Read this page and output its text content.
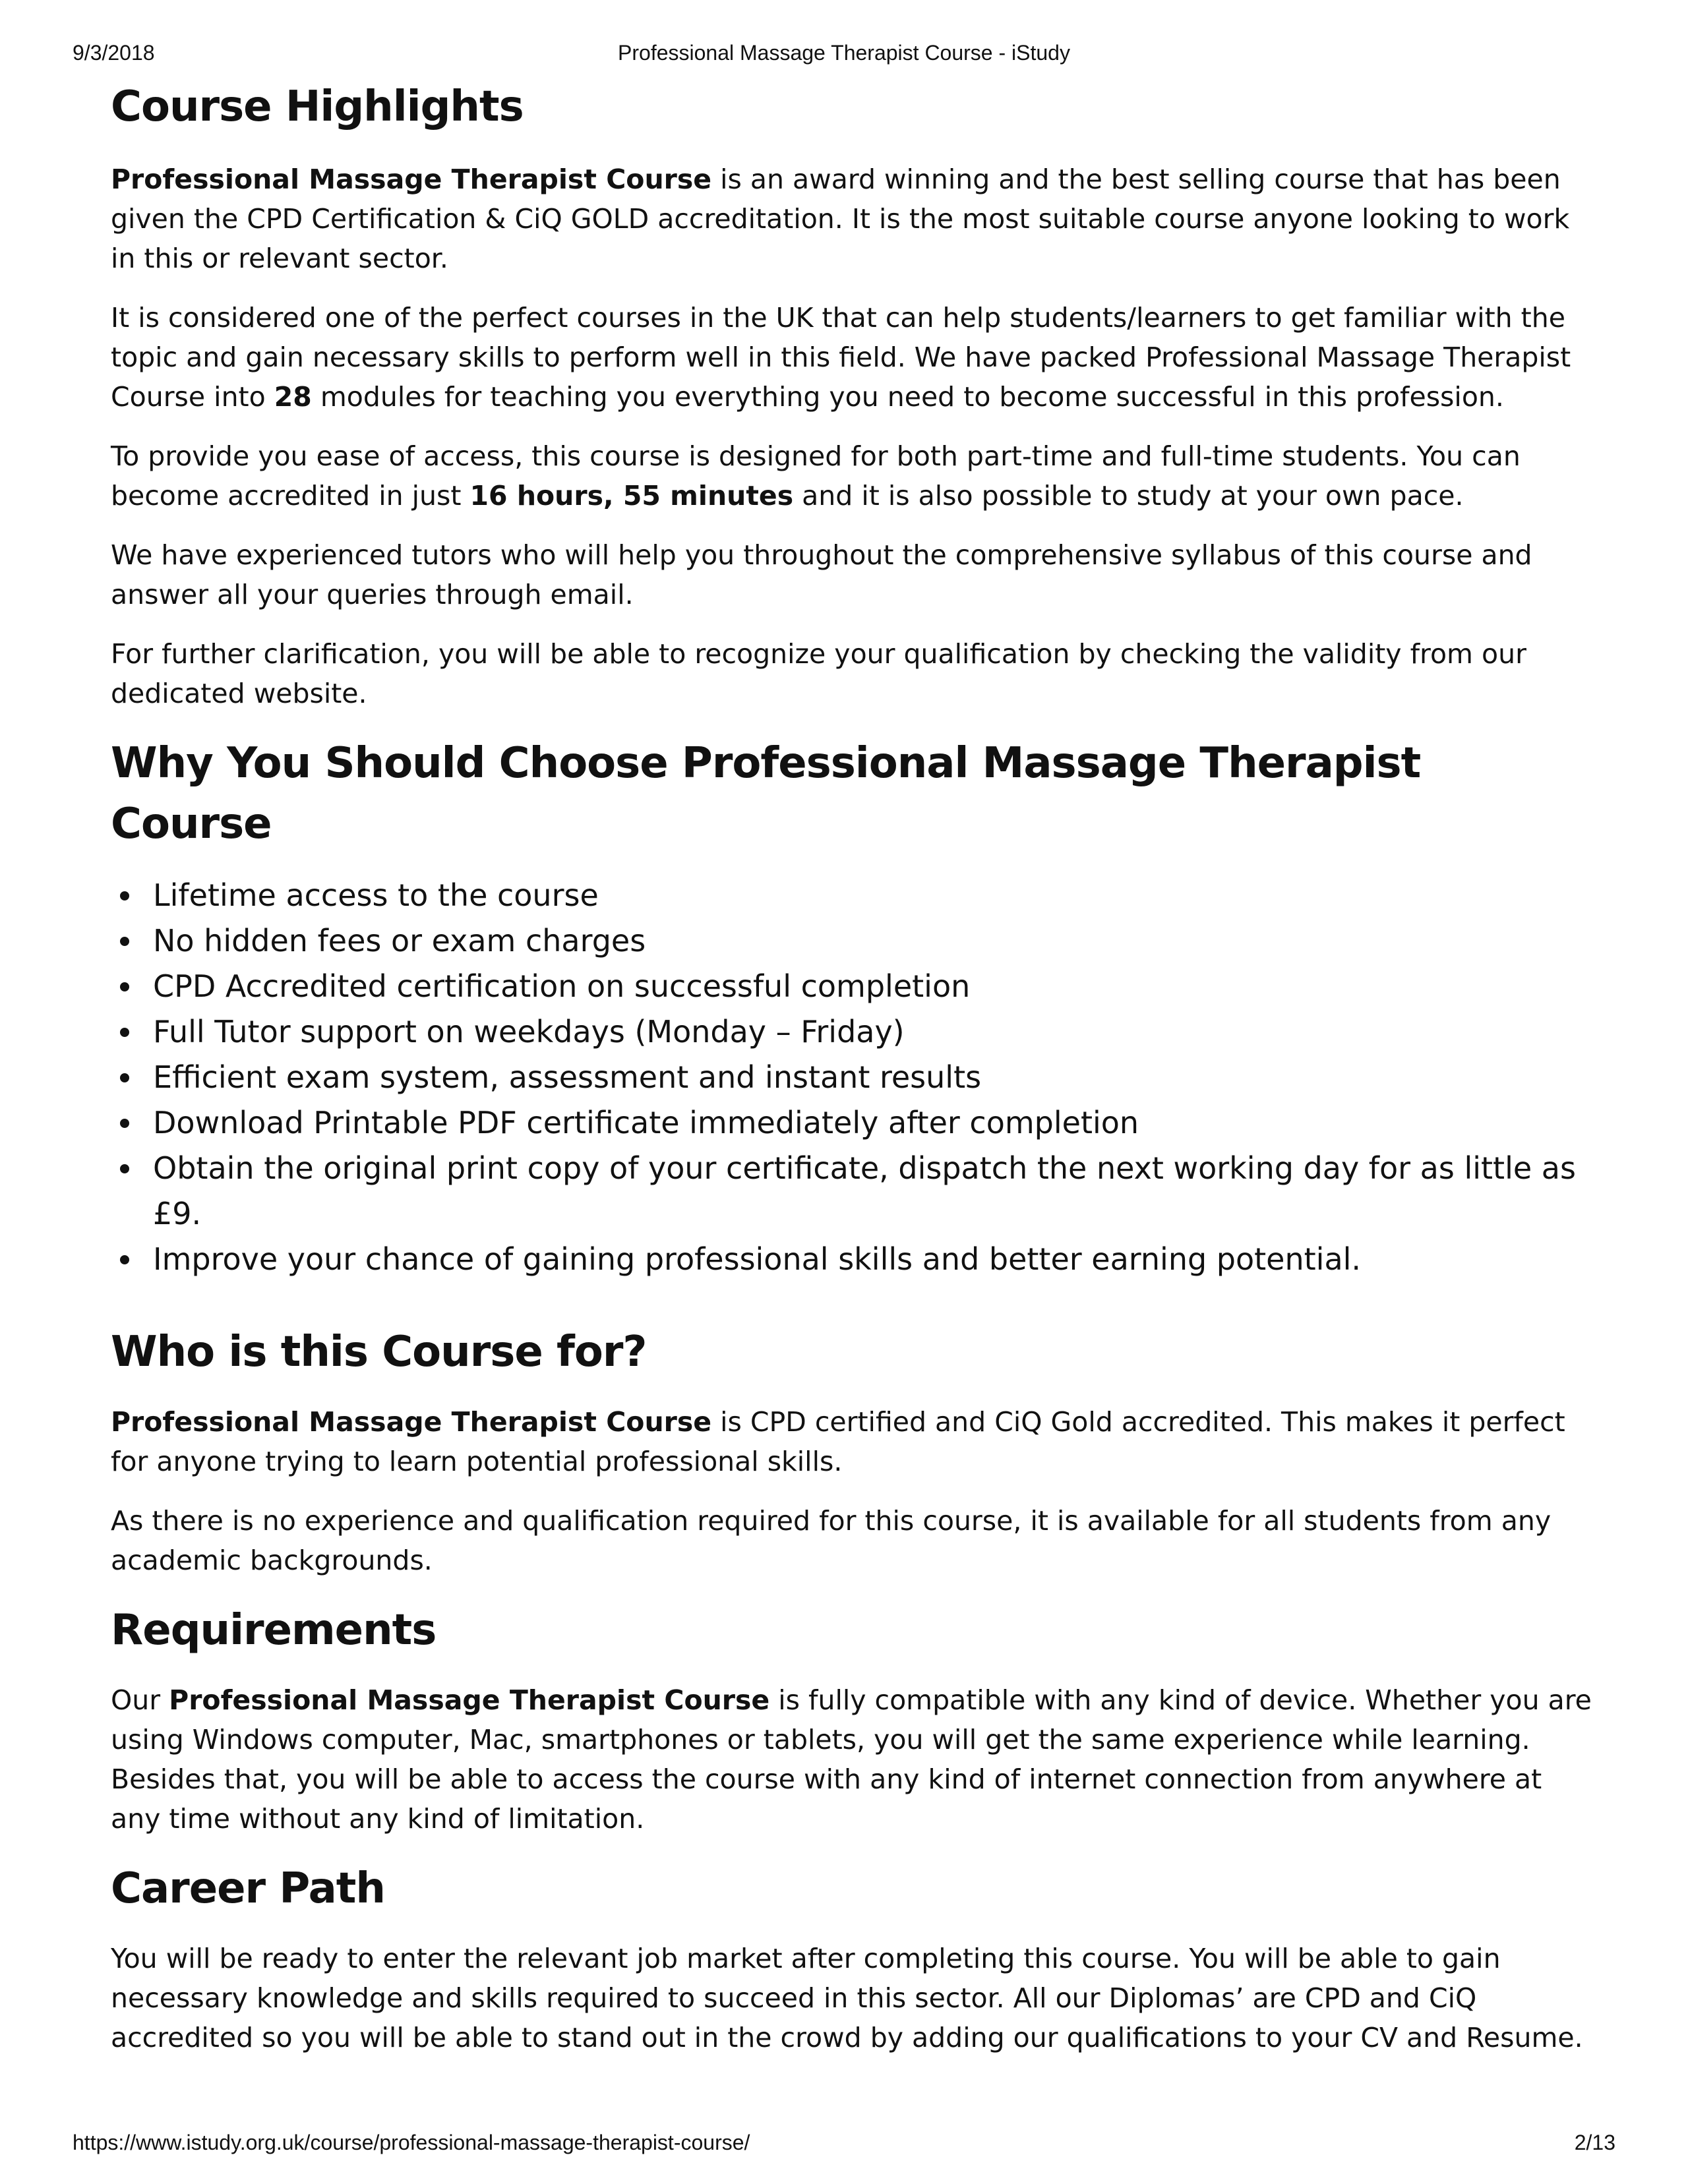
9/3/2018	Professional Massage Therapist Course - iStudy
Course Highlights

Professional Massage Therapist Course is an award winning and the best selling course that has been given the CPD Certification & CiQ GOLD accreditation. It is the most suitable course anyone looking to work in this or relevant sector.

It is considered one of the perfect courses in the UK that can help students/learners to get familiar with the topic and gain necessary skills to perform well in this field. We have packed Professional Massage Therapist Course into 28 modules for teaching you everything you need to become successful in this profession.

To provide you ease of access, this course is designed for both part-time and full-time students. You can become accredited in just 16 hours, 55 minutes and it is also possible to study at your own pace.

We have experienced tutors who will help you throughout the comprehensive syllabus of this course and answer all your queries through email.

For further clarification, you will be able to recognize your qualification by checking the validity from our dedicated website.

Why You Should Choose Professional Massage Therapist Course
Lifetime access to the course
No hidden fees or exam charges
CPD Accredited certification on successful completion
Full Tutor support on weekdays (Monday – Friday)
Efficient exam system, assessment and instant results
Download Printable PDF certificate immediately after completion
Obtain the original print copy of your certificate, dispatch the next working day for as little as £9.
Improve your chance of gaining professional skills and better earning potential.
Who is this Course for?

Professional Massage Therapist Course is CPD certified and CiQ Gold accredited. This makes it perfect for anyone trying to learn potential professional skills.

As there is no experience and qualification required for this course, it is available for all students from any academic backgrounds.

Requirements

Our Professional Massage Therapist Course is fully compatible with any kind of device. Whether you are using Windows computer, Mac, smartphones or tablets, you will get the same experience while learning. Besides that, you will be able to access the course with any kind of internet connection from anywhere at any time without any kind of limitation.

Career Path

You will be ready to enter the relevant job market after completing this course. You will be able to gain necessary knowledge and skills required to succeed in this sector. All our Diplomas’ are CPD and CiQ accredited so you will be able to stand out in the crowd by adding our qualifications to your CV and Resume.

https://www.istudy.org.uk/course/professional-massage-therapist-course/	2/13
